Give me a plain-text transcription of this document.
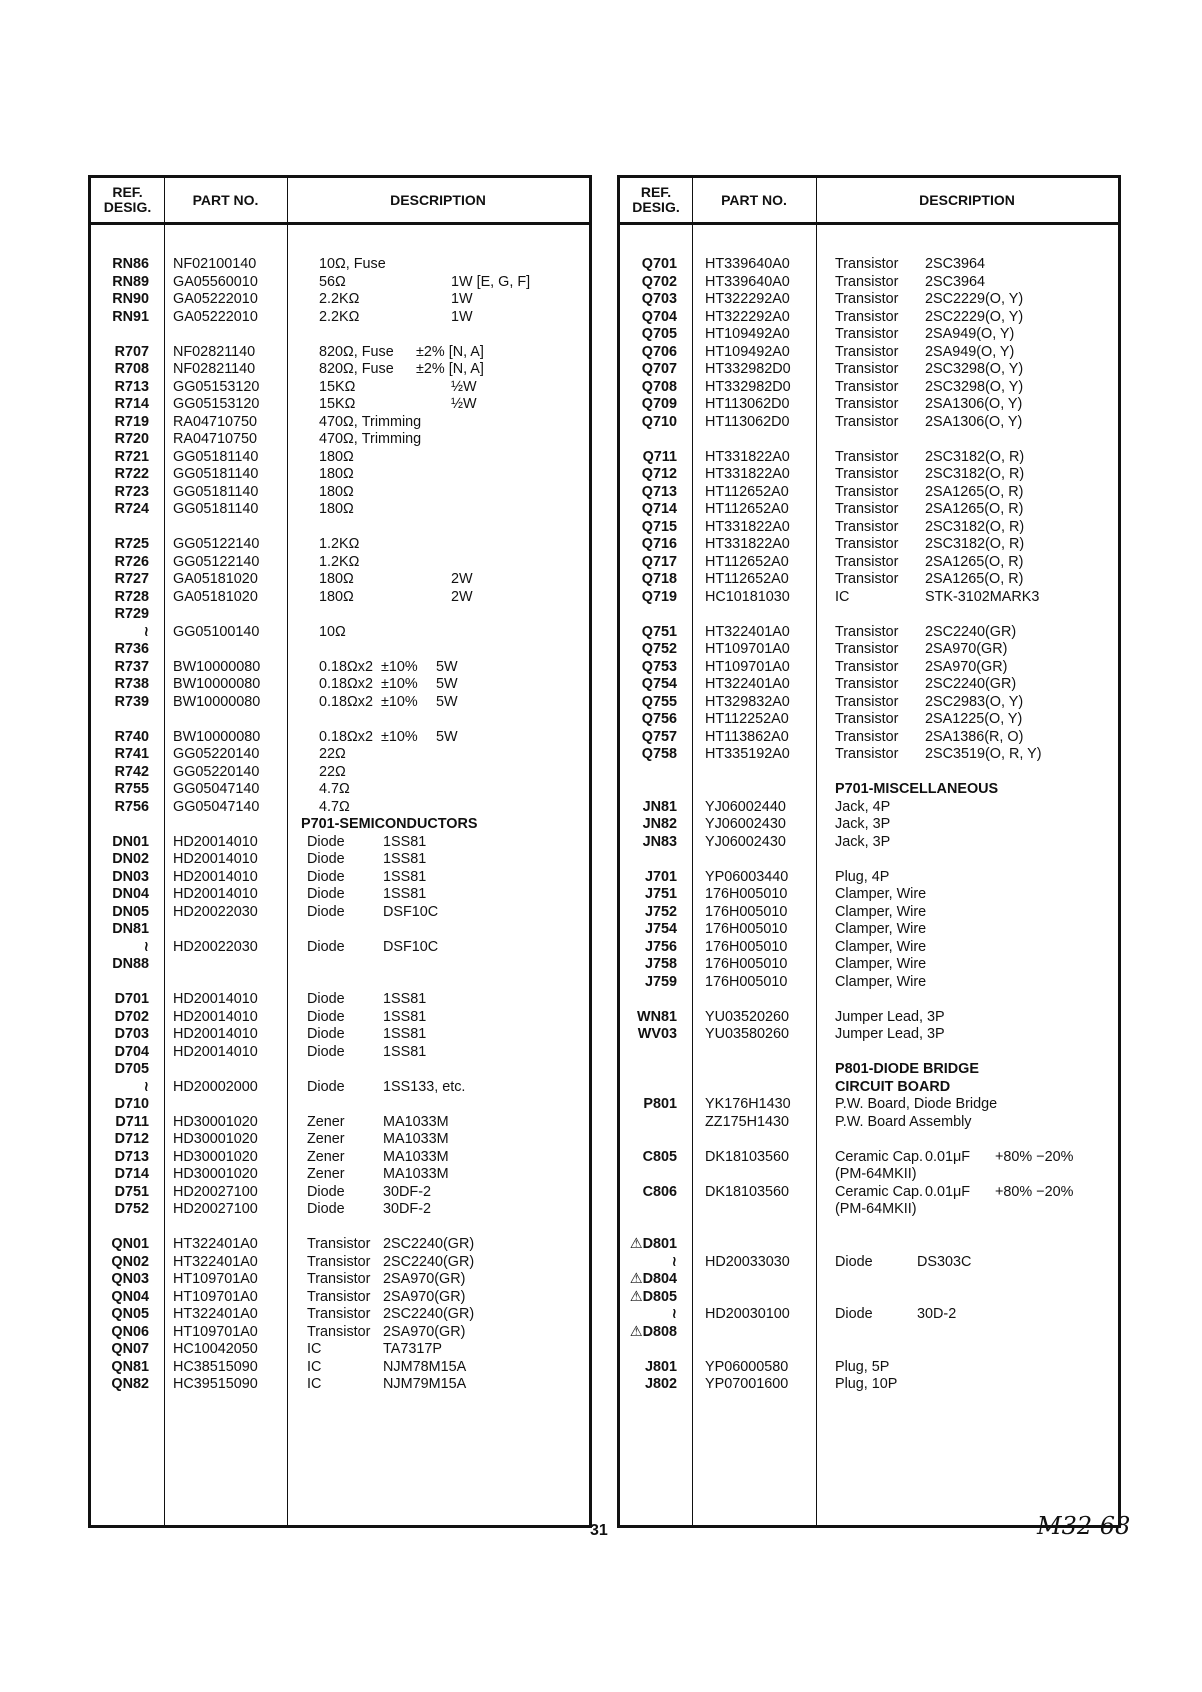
REF.
DESIG.	PART NO.	DESCRIPTION
RN86 NF02100140	10Ω, Fuse
RN89 GA05560010	56Ω	1W [E, G, F]
RN90 GA05222010	2.2KΩ	1W
RN91 GA05222010	2.2KΩ	1W
R707 NF02821140	820Ω, Fuse ±2% [N, A]
R708 NF02821140	820Ω, Fuse ±2% [N, A]
R713 GG05153120	15KΩ	½W
R714 GG05153120	15KΩ	½W
R719 RA04710750	470Ω, Trimming
R720 RA04710750	470Ω, Trimming
R721 GG05181140	180Ω
R722 GG05181140	180Ω
R723 GG05181140	180Ω
R724 GG05181140	180Ω
R725 GG05122140	1.2KΩ
R726 GG05122140	1.2KΩ
R727 GA05181020	180Ω	2W
R728 GA05181020	180Ω	2W
R729
≀ GG05100140	10Ω
R736
R737 BW10000080	0.18Ωx2 ±10% 5W
R738 BW10000080	0.18Ωx2 ±10% 5W
R739 BW10000080	0.18Ωx2 ±10% 5W
R740 BW10000080	0.18Ωx2 ±10% 5W
R741 GG05220140	22Ω
R742 GG05220140	22Ω
R755 GG05047140	4.7Ω
R756 GG05047140	4.7Ω
P701-SEMICONDUCTORS
DN01 HD20014010	Diode	1SS81
DN02 HD20014010	Diode	1SS81
DN03 HD20014010	Diode	1SS81
DN04 HD20014010	Diode	1SS81
DN05 HD20022030	Diode	DSF10C
DN81
≀ HD20022030	Diode	DSF10C
DN88
D701 HD20014010	Diode	1SS81
D702 HD20014010	Diode	1SS81
D703 HD20014010	Diode	1SS81
D704 HD20014010	Diode	1SS81
D705
≀ HD20002000	Diode	1SS133, etc.
D710
D711 HD30001020	Zener	MA1033M
D712 HD30001020	Zener	MA1033M
D713 HD30001020	Zener	MA1033M
D714 HD30001020	Zener	MA1033M
D751 HD20027100	Diode	30DF-2
D752 HD20027100	Diode	30DF-2
QN01 HT322401A0	Transistor 2SC2240(GR)
QN02 HT322401A0	Transistor 2SC2240(GR)
QN03 HT109701A0	Transistor 2SA970(GR)
QN04 HT109701A0	Transistor 2SA970(GR)
QN05 HT322401A0	Transistor 2SC2240(GR)
QN06 HT109701A0	Transistor 2SA970(GR)
QN07 HC10042050	IC	TA7317P
QN81 HC38515090	IC	NJM78M15A
QN82 HC39515090	IC	NJM79M15A
REF.
DESIG.	PART NO.	DESCRIPTION
Q701 HT339640A0	Transistor 2SC3964
Q702 HT339640A0	Transistor 2SC3964
Q703 HT322292A0	Transistor 2SC2229(O, Y)
Q704 HT322292A0	Transistor 2SC2229(O, Y)
Q705 HT109492A0	Transistor 2SA949(O, Y)
Q706 HT109492A0	Transistor 2SA949(O, Y)
Q707 HT332982D0	Transistor 2SC3298(O, Y)
Q708 HT332982D0	Transistor 2SC3298(O, Y)
Q709 HT113062D0	Transistor 2SA1306(O, Y)
Q710 HT113062D0	Transistor 2SA1306(O, Y)
Q711 HT331822A0	Transistor 2SC3182(O, R)
Q712 HT331822A0	Transistor 2SC3182(O, R)
Q713 HT112652A0	Transistor 2SA1265(O, R)
Q714 HT112652A0	Transistor 2SA1265(O, R)
Q715 HT331822A0	Transistor 2SC3182(O, R)
Q716 HT331822A0	Transistor 2SC3182(O, R)
Q717 HT112652A0	Transistor 2SA1265(O, R)
Q718 HT112652A0	Transistor 2SA1265(O, R)
Q719 HC10181030	IC	STK-3102MARK3
Q751 HT322401A0	Transistor 2SC2240(GR)
Q752 HT109701A0	Transistor 2SA970(GR)
Q753 HT109701A0	Transistor 2SA970(GR)
Q754 HT322401A0	Transistor 2SC2240(GR)
Q755 HT329832A0	Transistor 2SC2983(O, Y)
Q756 HT112252A0	Transistor 2SA1225(O, Y)
Q757 HT113862A0	Transistor 2SA1386(R, O)
Q758 HT335192A0	Transistor 2SC3519(O, R, Y)
P701-MISCELLANEOUS
JN81 YJ06002440	Jack, 4P
JN82 YJ06002430	Jack, 3P
JN83 YJ06002430	Jack, 3P
J701 YP06003440	Plug, 4P
J751 176H005010	Clamper, Wire
J752 176H005010	Clamper, Wire
J754 176H005010	Clamper, Wire
J756 176H005010	Clamper, Wire
J758 176H005010	Clamper, Wire
J759 176H005010	Clamper, Wire
WN81 YU03520260	Jumper Lead, 3P
WV03 YU03580260	Jumper Lead, 3P
P801-DIODE BRIDGE
CIRCUIT BOARD
P801 YK176H1430	P.W. Board, Diode Bridge
ZZ175H1430	P.W. Board Assembly
C805 DK18103560	Ceramic Cap. 0.01μF +80% −20%
(PM-64MKII)
C806 DK18103560	Ceramic Cap. 0.01μF +80% −20%
(PM-64MKII)
⚠D801
≀ HD20033030	Diode	DS303C
⚠D804
⚠D805
≀ HD20030100	Diode	30D-2
⚠D808
J801 YP06000580	Plug, 5P
J802 YP07001600	Plug, 10P
31	M32 68
